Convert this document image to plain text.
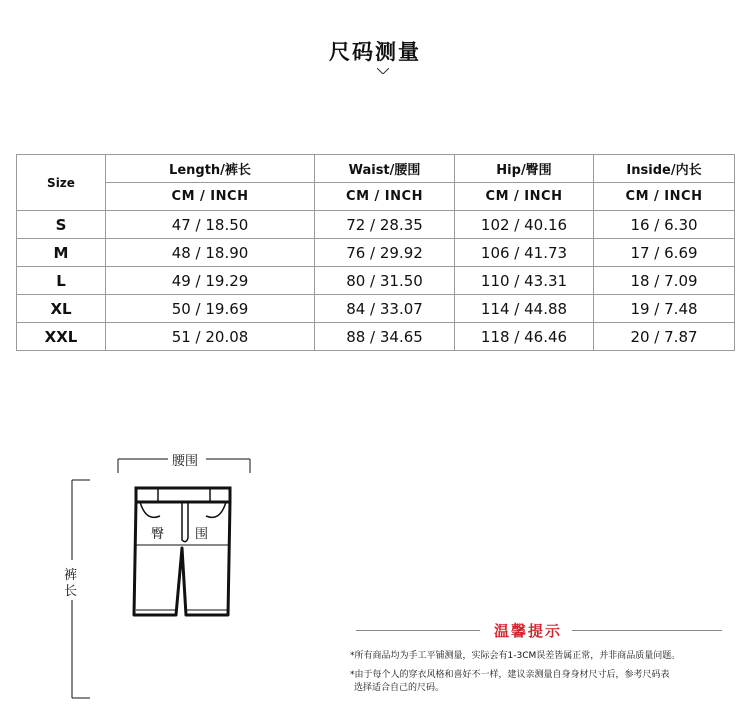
尺码测量
Size	Length/裤长	Waist/腰围	Hip/臀围	Inside/内长
	CM / INCH	CM / INCH	CM / INCH	CM / INCH
S	47 / 18.50	72 / 28.35	102 / 40.16	16 / 6.30
M	48 / 18.90	76 / 29.92	106 / 41.73	17 / 6.69
L	49 / 19.29	80 / 31.50	110 / 43.31	18 / 7.09
XL	50 / 19.69	84 / 33.07	114 / 44.88	19 / 7.48
XXL	51 / 20.08	88 / 34.65	118 / 46.46	20 / 7.87
腰围
臀 围
裤
长
温馨提示
*所有商品均为手工平铺测量，实际会有1-3CM误差皆属正常，并非商品质量问题。
*由于每个人的穿衣风格和喜好不一样，建议亲测量自身身材尺寸后，参考尺码表
选择适合自己的尺码。
